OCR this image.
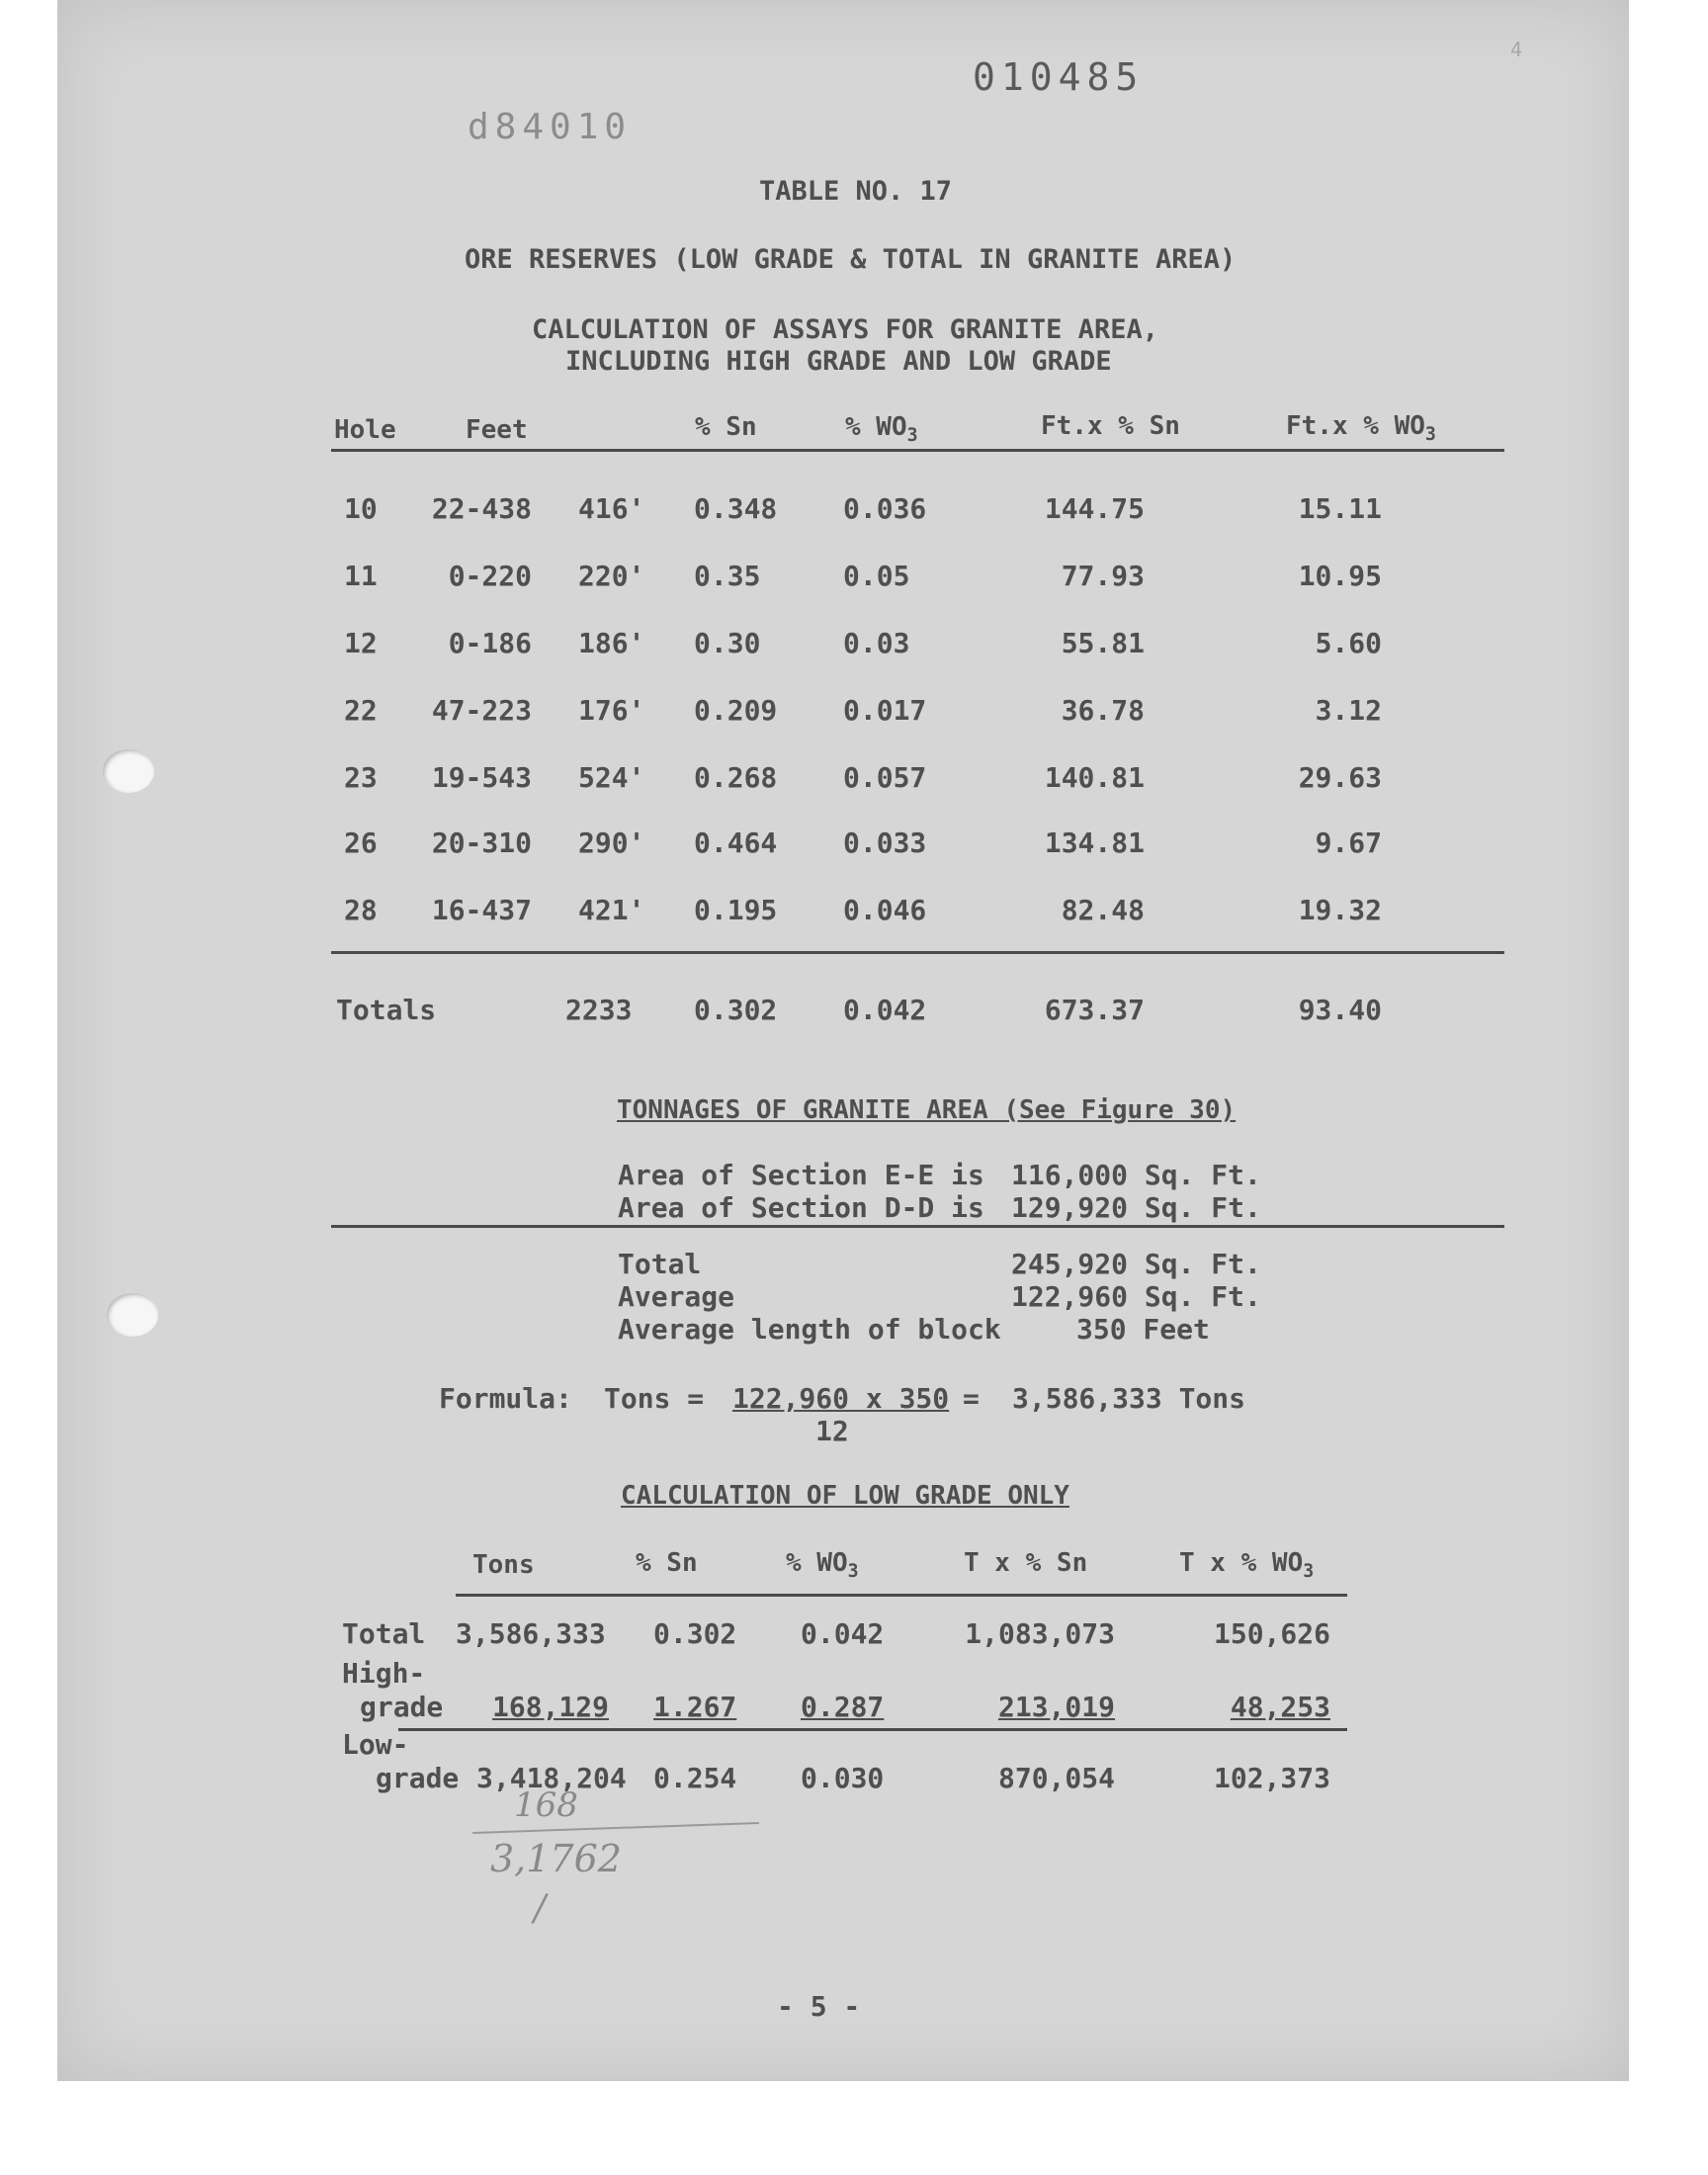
010485
d84010
4
TABLE NO. 17
ORE RESERVES (LOW GRADE & TOTAL IN GRANITE AREA)
CALCULATION OF ASSAYS FOR GRANITE AREA,
INCLUDING HIGH GRADE AND LOW GRADE
Hole	Feet	% Sn	% $WO_3$	Ft.x % Sn	Ft.x % $WO_3$
10	22-438 416' 0.348 0.036	144.75	15.11
11	0-220 220' 0.35	0.05	77.93	10.95
12	0-186 186' 0.30	0.03	55.81	5.60
22	47-223 176' 0.209 0.017	36.78	3.12
23	19-543 524' 0.268 0.057	140.81	29.63
26	20-310 290' 0.464 0.033	134.81	9.67
28	16-437 421' 0.195 0.046	82.48	19.32
Totals	2233 0.302 0.042	673.37	93.40
TONNAGES OF GRANITE AREA (See Figure 30)
Area of Section E-E is 116,000 Sq. Ft.
Area of Section D-D is 129,920 Sq. Ft.
Total	245,920 Sq. Ft.
Average	122,960 Sq. Ft.
Average length of block	350 Feet
Formula: Tons = 122,960 x 350
12
= 3,586,333 Tons
CALCULATION OF LOW GRADE ONLY
Tons	% Sn	% $WO_3$	T x % Sn	T x % $WO_3$
Total 3,586,333 0.302 0.042	1,083,073	150,626
High-
grade 168,129 1.267 0.287	213,019	48,253
Low-
grade 3,418,204 0.254 0.030	870,054	102,373
168
3,1762
/
- 5 -
